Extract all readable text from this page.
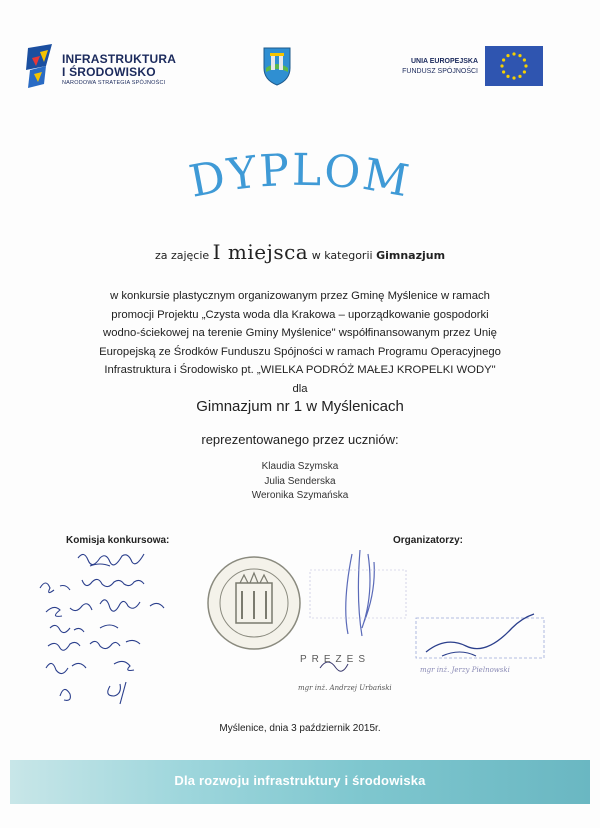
INFRASTRUKTURA
I ŚRODOWISKO
NARODOWA STRATEGIA SPÓJNOŚCI
UNIA EUROPEJSKA
FUNDUSZ SPÓJNOŚCI
DYPLOM
za zajęcie I miejsca w kategorii Gimnazjum
w konkursie plastycznym organizowanym przez Gminę Myślenice w ramach
promocji Projektu „Czysta woda dla Krakowa – uporządkowanie gospodorki
wodno-ściekowej na terenie Gminy Myślenice" współfinansowanym przez Unię
Europejską ze Środków Funduszu Spójności w ramach Programu Operacyjnego
Infrastruktura i Środowisko pt. „WIELKA PODRÓŻ MAŁEJ KROPELKI WODY"
dla
Gimnazjum nr 1 w Myślenicach
reprezentowanego przez uczniów:
Klaudia Szymska
Julia Senderska
Weronika Szymańska
Komisja konkursowa:	Organizatorzy:
PREZES
mgr inż. Andrzej Urbański
mgr inż. Jerzy Pielnowski
Myślenice, dnia 3 październik 2015r.
Dla rozwoju infrastruktury i środowiska
